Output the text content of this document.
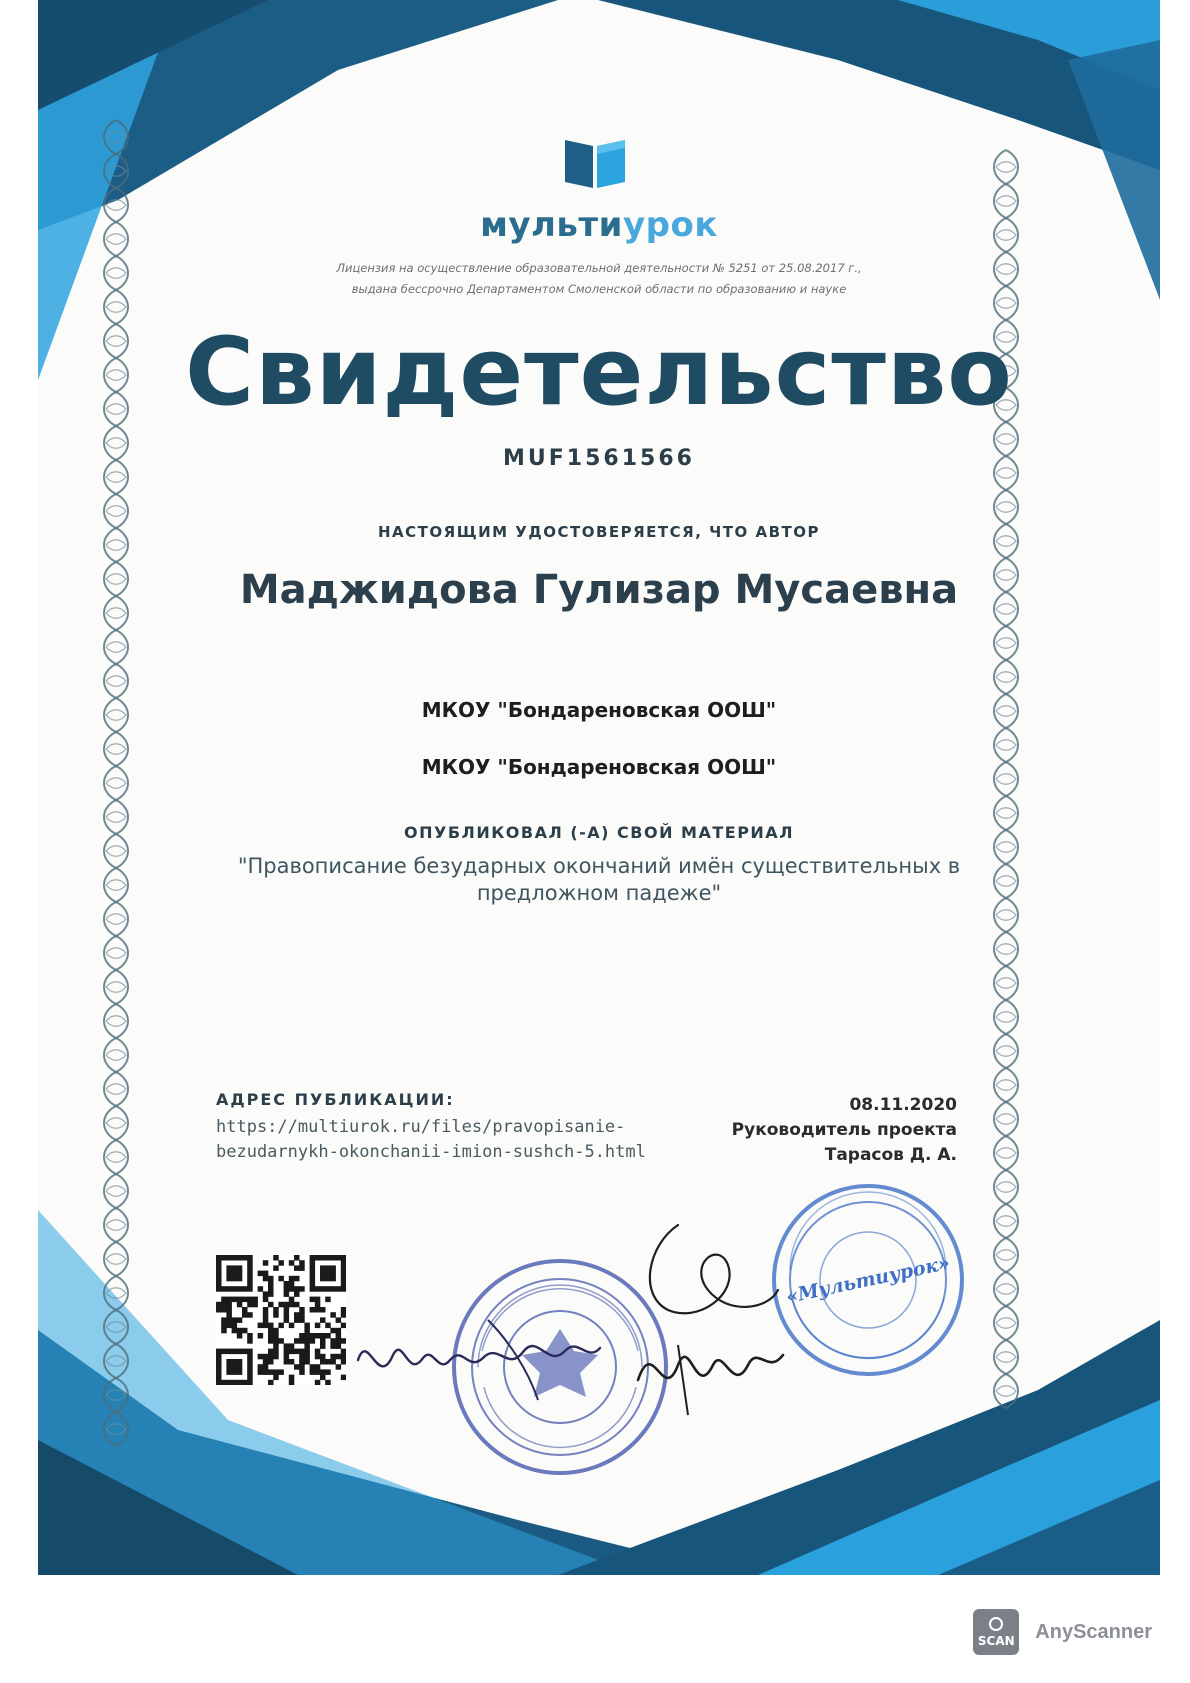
мультиурок
Лицензия на осуществление образовательной деятельности № 5251 от 25.08.2017 г.,
выдана бессрочно Департаментом Смоленской области по образованию и науке
Свидетельство
MUF1561566
НАСТОЯЩИМ УДОСТОВЕРЯЕТСЯ, ЧТО АВТОР
Маджидова Гулизар Мусаевна
МКОУ "Бондареновская ООШ"
МКОУ "Бондареновская ООШ"
ОПУБЛИКОВАЛ (-А) СВОЙ МАТЕРИАЛ
"Правописание безударных окончаний имён существительных в предложном падеже"
АДРЕС ПУБЛИКАЦИИ:
https://multiurok.ru/files/pravopisanie-
bezudarnykh-okonchanii-imion-sushch-5.html
08.11.2020
Руководитель проекта
Тарасов Д. А.
«Мультиурок»
SCAN AnyScanner
